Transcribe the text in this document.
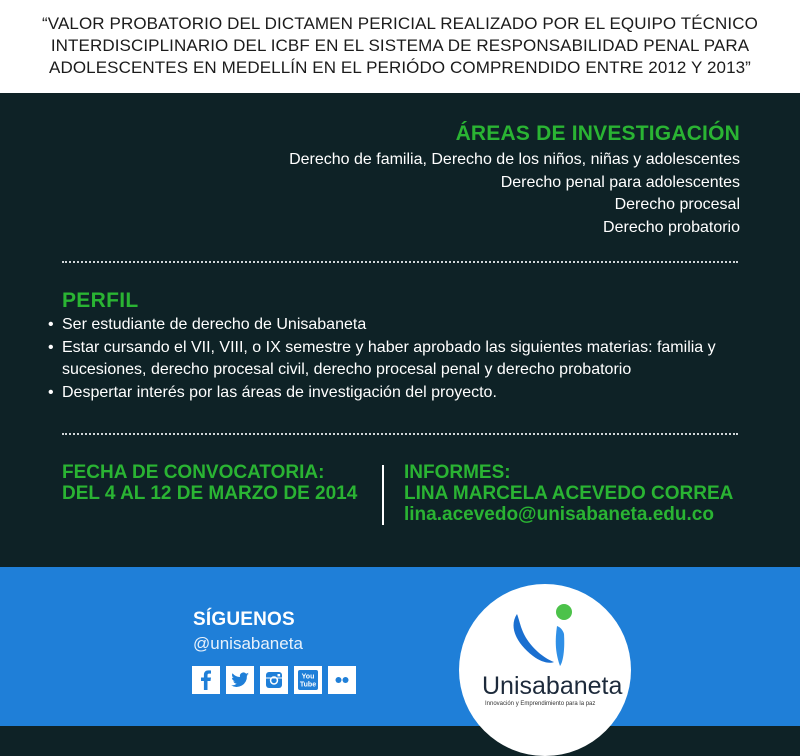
“VALOR PROBATORIO DEL DICTAMEN PERICIAL REALIZADO POR EL EQUIPO TÉCNICO
INTERDISCIPLINARIO DEL ICBF EN EL SISTEMA DE RESPONSABILIDAD PENAL PARA
ADOLESCENTES EN MEDELLÍN EN EL PERIÓDO COMPRENDIDO ENTRE 2012 Y 2013”
ÁREAS DE INVESTIGACIÓN
Derecho de familia, Derecho de los niños, niñas y adolescentes
Derecho penal para adolescentes
Derecho procesal
Derecho probatorio
PERFIL
• Ser estudiante de derecho de Unisabaneta
• Estar cursando el VII, VIII, o IX semestre y haber aprobado las siguientes materias: familia y sucesiones, derecho procesal civil, derecho procesal penal y derecho probatorio
• Despertar interés por las áreas de investigación del proyecto.
FECHA DE CONVOCATORIA:
DEL 4 AL 12 DE MARZO DE 2014
INFORMES:
LINA MARCELA ACEVEDO CORREA
lina.acevedo@unisabaneta.edu.co
SÍGUENOS
@unisabaneta
You
Tube	Unisabaneta
Innovación y Emprendimiento para la paz
